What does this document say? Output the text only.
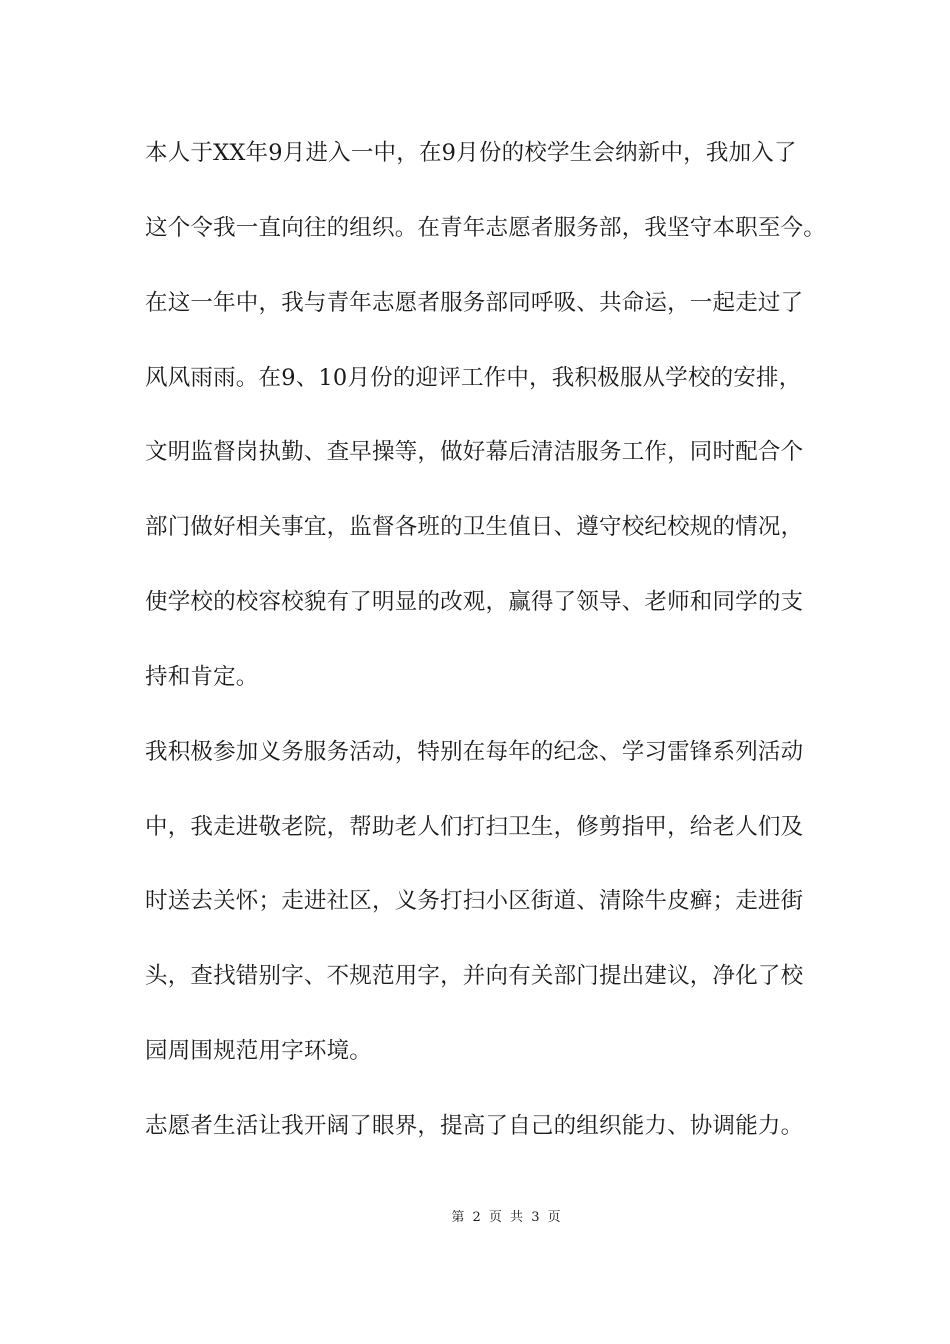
本人于XX年9月进入一中，在9月份的校学生会纳新中，我加入了
这个令我一直向往的组织。在青年志愿者服务部，我坚守本职至今。
在这一年中，我与青年志愿者服务部同呼吸、共命运，一起走过了
风风雨雨。在9、10月份的迎评工作中，我积极服从学校的安排，
文明监督岗执勤、查早操等，做好幕后清洁服务工作，同时配合个
部门做好相关事宜，监督各班的卫生值日、遵守校纪校规的情况，
使学校的校容校貌有了明显的改观，赢得了领导、老师和同学的支
持和肯定。
我积极参加义务服务活动，特别在每年的纪念、学习雷锋系列活动
中，我走进敬老院，帮助老人们打扫卫生，修剪指甲，给老人们及
时送去关怀；走进社区，义务打扫小区街道、清除牛皮癣；走进街
头，查找错别字、不规范用字，并向有关部门提出建议，净化了校
园周围规范用字环境。
志愿者生活让我开阔了眼界，提高了自己的组织能力、协调能力。
第 2 页 共 3 页
